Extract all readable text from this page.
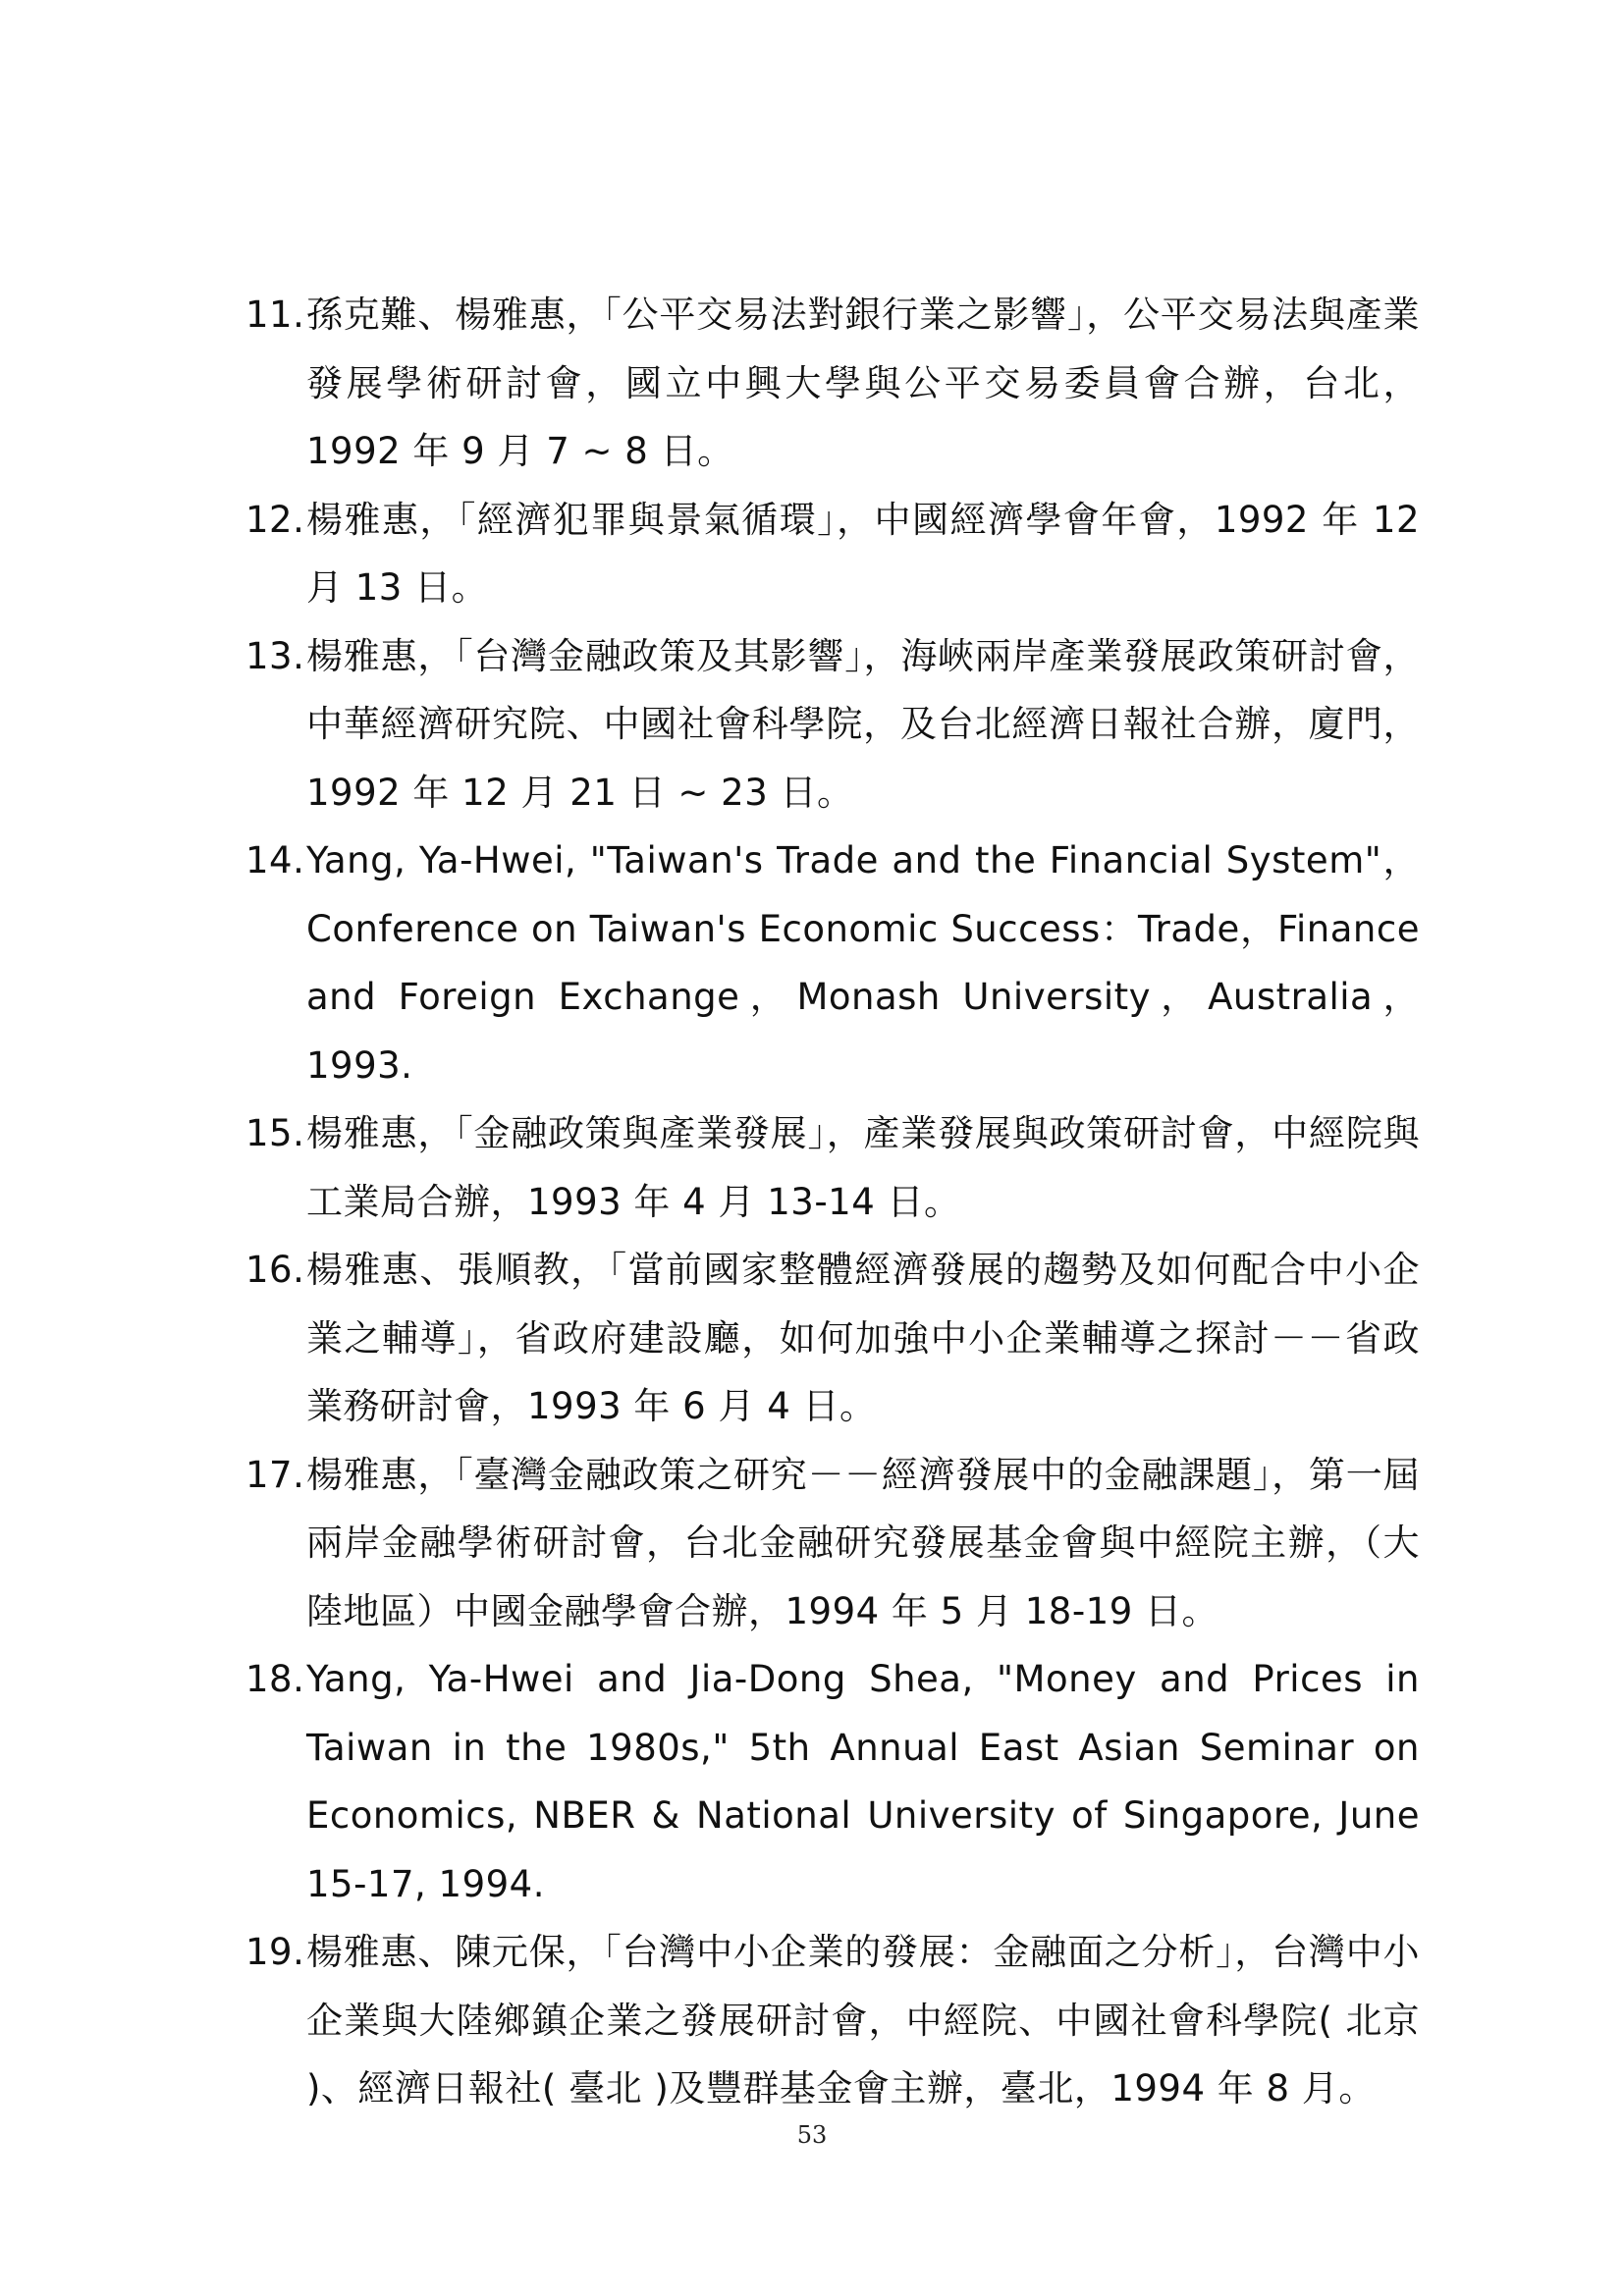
11. 孫克難、楊雅惠，「公平交易法對銀行業之影響」，公平交易法與產業發展學術研討會，國立中興大學與公平交易委員會合辦，台北，1992 年 9 月 7 ~ 8 日。
12. 楊雅惠，「經濟犯罪與景氣循環」，中國經濟學會年會，1992 年 12 月 13 日。
13. 楊雅惠，「台灣金融政策及其影響」，海峽兩岸產業發展政策研討會，中華經濟研究院、中國社會科學院，及台北經濟日報社合辦，廈門，1992 年 12 月 21 日 ~ 23 日。
14. Yang, Ya-Hwei, "Taiwan's Trade and the Financial System"，Conference on Taiwan's Economic Success：Trade，Finance and Foreign Exchange，Monash University，Australia，1993.
15. 楊雅惠，「金融政策與產業發展」，產業發展與政策研討會，中經院與工業局合辦，1993 年 4 月 13-14 日。
16. 楊雅惠、張順教，「當前國家整體經濟發展的趨勢及如何配合中小企業之輔導」，省政府建設廳，如何加強中小企業輔導之探討－－省政業務研討會，1993 年 6 月 4 日。
17. 楊雅惠，「臺灣金融政策之研究－－經濟發展中的金融課題」，第一屆兩岸金融學術研討會，台北金融研究發展基金會與中經院主辦，（大陸地區）中國金融學會合辦，1994 年 5 月 18-19 日。
18. Yang, Ya-Hwei and Jia-Dong Shea, "Money and Prices in Taiwan in the 1980s," 5th Annual East Asian Seminar on Economics, NBER & National University of Singapore, June 15-17, 1994.
19. 楊雅惠、陳元保，「台灣中小企業的發展：金融面之分析」，台灣中小企業與大陸鄉鎮企業之發展研討會，中經院、中國社會科學院( 北京 )、經濟日報社( 臺北 )及豐群基金會主辦，臺北，1994 年 8 月。
53
